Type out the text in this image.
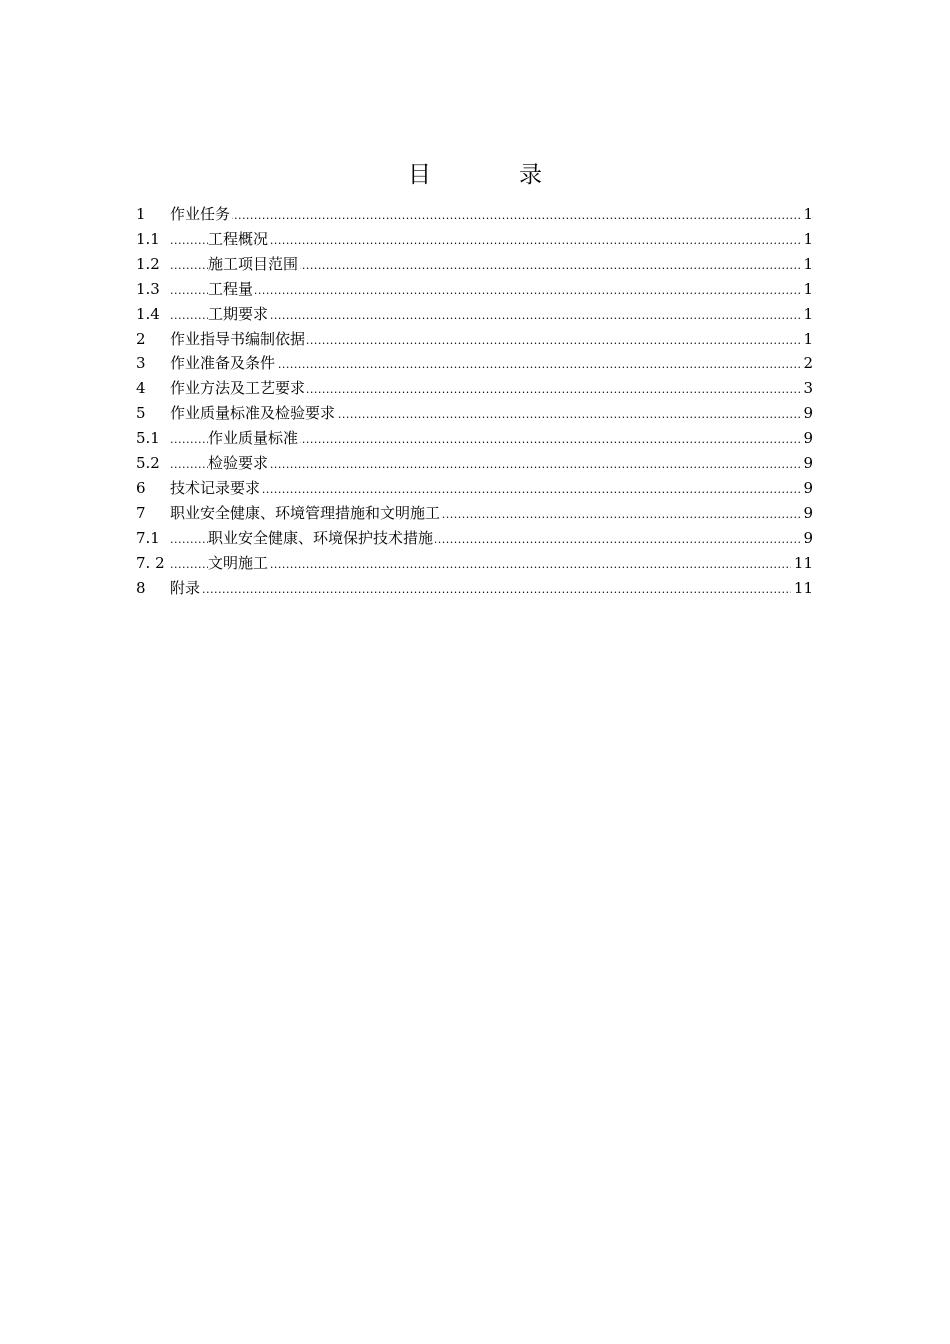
目	录
.....
1 作业任务	1
.....
1.1	工程概况	1
.....
1.2	施工项目范围	1
.....
1.3	工程量	1
.....
1.4	工期要求	1
.....
2 作业指导书编制依据	1
.....
3 作业准备及条件	2
.....
4 作业方法及工艺要求	3
.....
5 作业质量标准及检验要求	9
.....
5.1	作业质量标准	9
.....
5.2	检验要求	9
.....
6 技术记录要求	9
.....
7 职业安全健康、环境管理措施和文明施工	9
.....
7.1	职业安全健康、环境保护技术措施	9
.....
7. 2	文明施工	11
.....
8 附录	11
